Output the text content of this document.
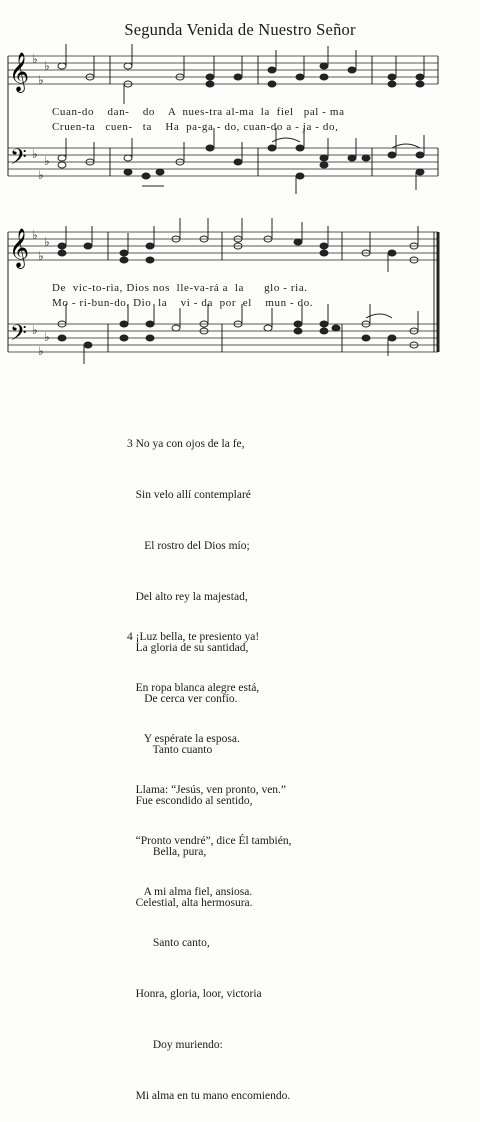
Segunda Venida de Nuestro Señor
𝄞
𝄢
♭
♭
♭
♭
♭
♭
𝄞
𝄢
♭
♭
♭
♭
♭
♭
Cuan-do    dan-    do    A  nues-tra al-ma  la  fiel   pal - ma
Cruen-ta   cuen-   ta    Ha  pa-ga - do, cuan-do a - ja - do,
De  vic-to-ria, Dios nos  lle-va-rá a  la      glo - ria.
Mo - ri-bun-do, Dio  la    vi - da  por  el    mun - do.

3 No ya con ojos de la fe,

Sin velo allí contemplaré

El rostro del Dios mío;

Del alto rey la majestad,

La gloria de su santidad,

De cerca ver confío.

Tanto cuanto

Fue escondido al sentido,

Bella, pura,

Celestial, alta hermosura.

4 ¡Luz bella, te presiento ya!

En ropa blanca alegre está,

Y espérate la esposa.

Llama: “Jesús, ven pronto, ven.”

“Pronto vendré”, dice Él también,

A mi alma fiel, ansiosa.

Santo canto,

Honra, gloria, loor, victoria

Doy muriendo:

Mi alma en tu mano encomiendo.
